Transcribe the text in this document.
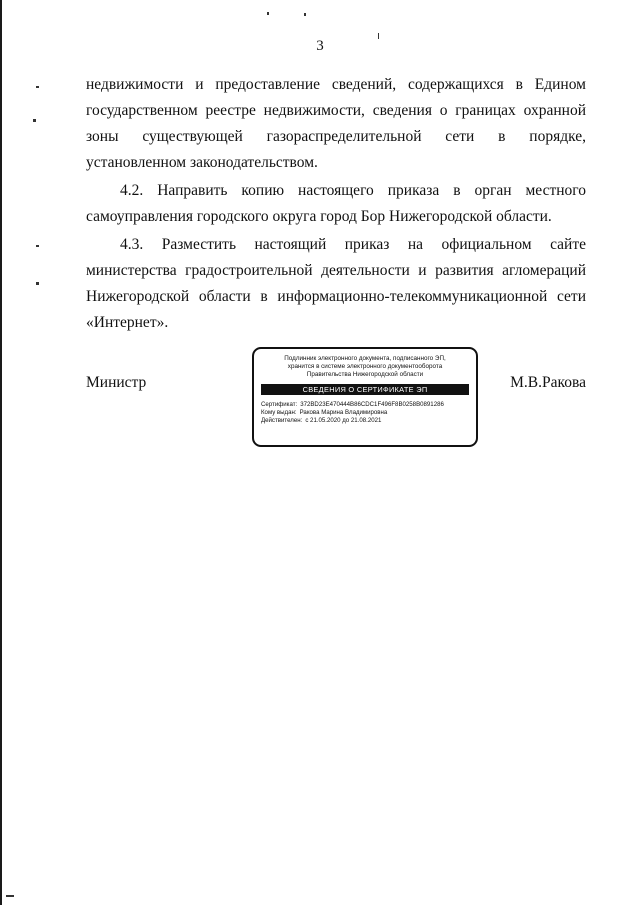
3

недвижимости и предоставление сведений, содержащихся в Едином государственном реестре недвижимости, сведения о границах охранной зоны существующей газораспределительной сети в порядке, установленном законодательством.

4.2. Направить копию настоящего приказа в орган местного самоуправления городского округа город Бор Нижегородской области.

4.3. Разместить настоящий приказ на официальном сайте министерства градостроительной деятельности и развития агломераций Нижегородской области в информационно-телекоммуникационной сети «Интернет».

Министр
Подлинник электронного документа, подписанного ЭП,
хранится в системе электронного документооборота
Правительства Нижегородской области
СВЕДЕНИЯ О СЕРТИФИКАТЕ ЭП
Сертификат: 372BD23E470444B86CDC1F496F8B0258B0891286
Кому выдан: Ракова Марина Владимировна
Действителен: с 21.05.2020 до 21.08.2021
М.В.Ракова
